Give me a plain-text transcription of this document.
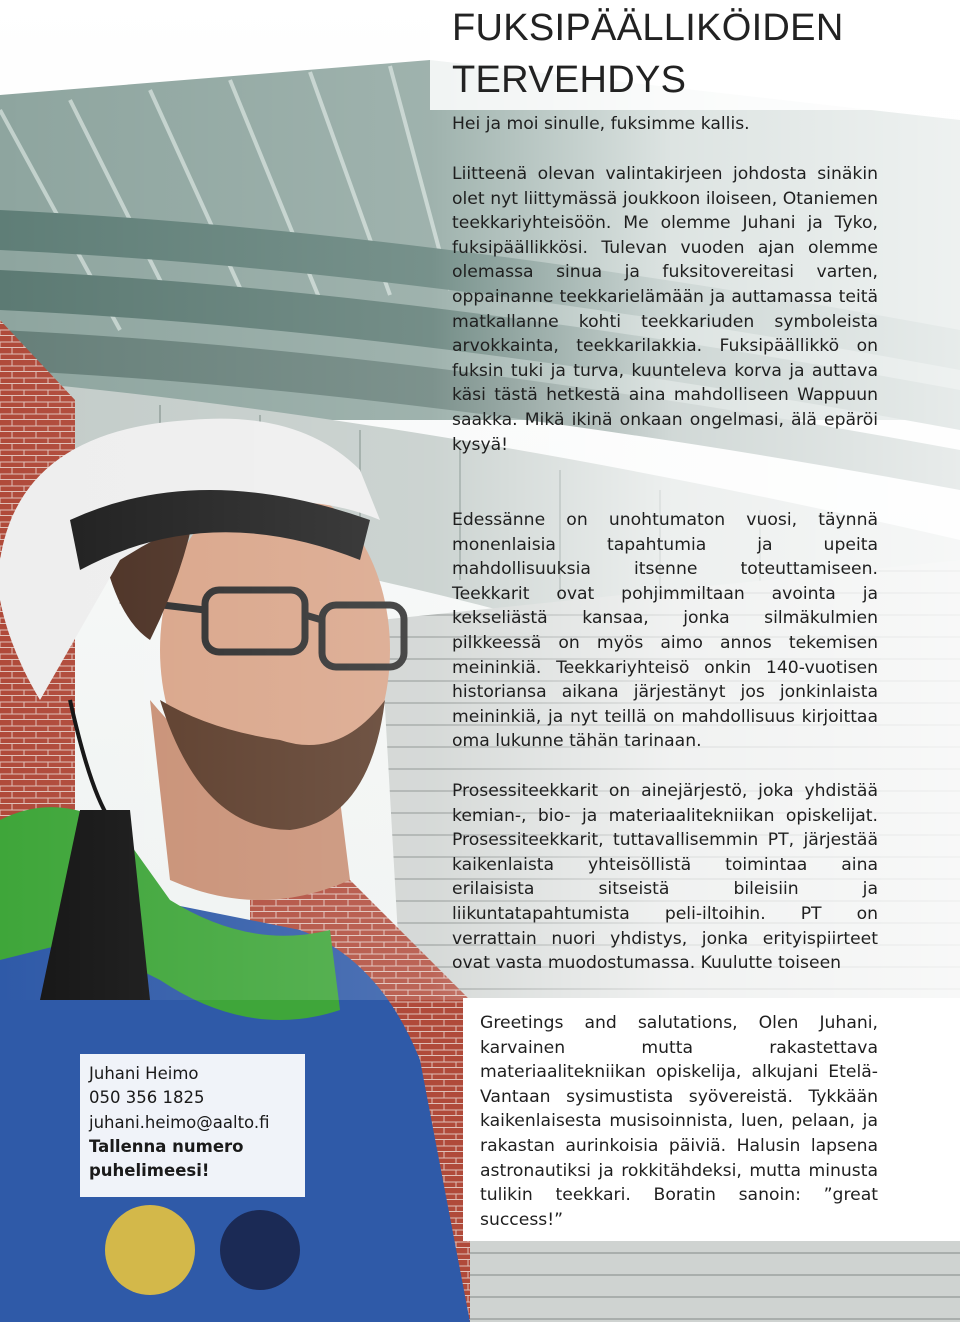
FUKSIPÄÄLLIKÖIDEN
TERVEHDYS

Hei ja moi sinulle, fuksimme kallis.

Liitteenä olevan valintakirjeen johdosta sinäkin olet nyt liittymässä joukkoon iloiseen, Otaniemen teekkariyhteisöön. Me olemme Juhani ja Tyko, fuksipäällikkösi. Tulevan vuoden ajan olemme olemassa sinua ja fuksitovereitasi varten, oppainanne teekkarielämään ja auttamassa teitä matkallanne kohti teekkariuden symboleista arvokkainta, teekkarilakkia. Fuksipäällikkö on fuksin tuki ja turva, kuunteleva korva ja auttava käsi tästä hetkestä aina mahdolliseen Wappuun saakka. Mikä ikinä onkaan ongelmasi, älä epäröi kysyä!

Edessänne on unohtumaton vuosi, täynnä monenlaisia tapahtumia ja upeita mahdollisuuksia itsenne toteuttamiseen. Teekkarit ovat pohjimmiltaan avointa ja kekseliästä kansaa, jonka silmäkulmien pilkkeessä on myös aimo annos tekemisen meininkiä. Teekkariyhteisö onkin 140-vuotisen historiansa aikana järjestänyt jos jonkinlaista meininkiä, ja nyt teillä on mahdollisuus kirjoittaa oma lukunne tähän tarinaan.

Prosessiteekkarit on ainejärjestö, joka yhdistää kemian-, bio- ja materiaalitekniikan opiskelijat. Prosessiteekkarit, tuttavallisemmin PT, järjestää kaikenlaista yhteisöllistä toimintaa aina erilaisista sitseistä bileisiin ja liikuntatapahtumista peli-iltoihin. PT on verrattain nuori yhdistys, jonka erityispiirteet ovat vasta muodostumassa. Kuulutte toiseen

Greetings and salutations, Olen Juhani, karvainen mutta rakastettava materiaalitekniikan opiskelija, alkujani Etelä-Vantaan sysimustista syövereistä. Tykkään kaikenlaisesta musisoinnista, luen, pelaan, ja rakastan aurinkoisia päiviä. Halusin lapsena astronautiksi ja rokkitähdeksi, mutta minusta tulikin teekkari. Boratin sanoin: ”great success!”

Juhani Heimo
050 356 1825
juhani.heimo@aalto.fi
Tallenna numero
puhelimeesi!
